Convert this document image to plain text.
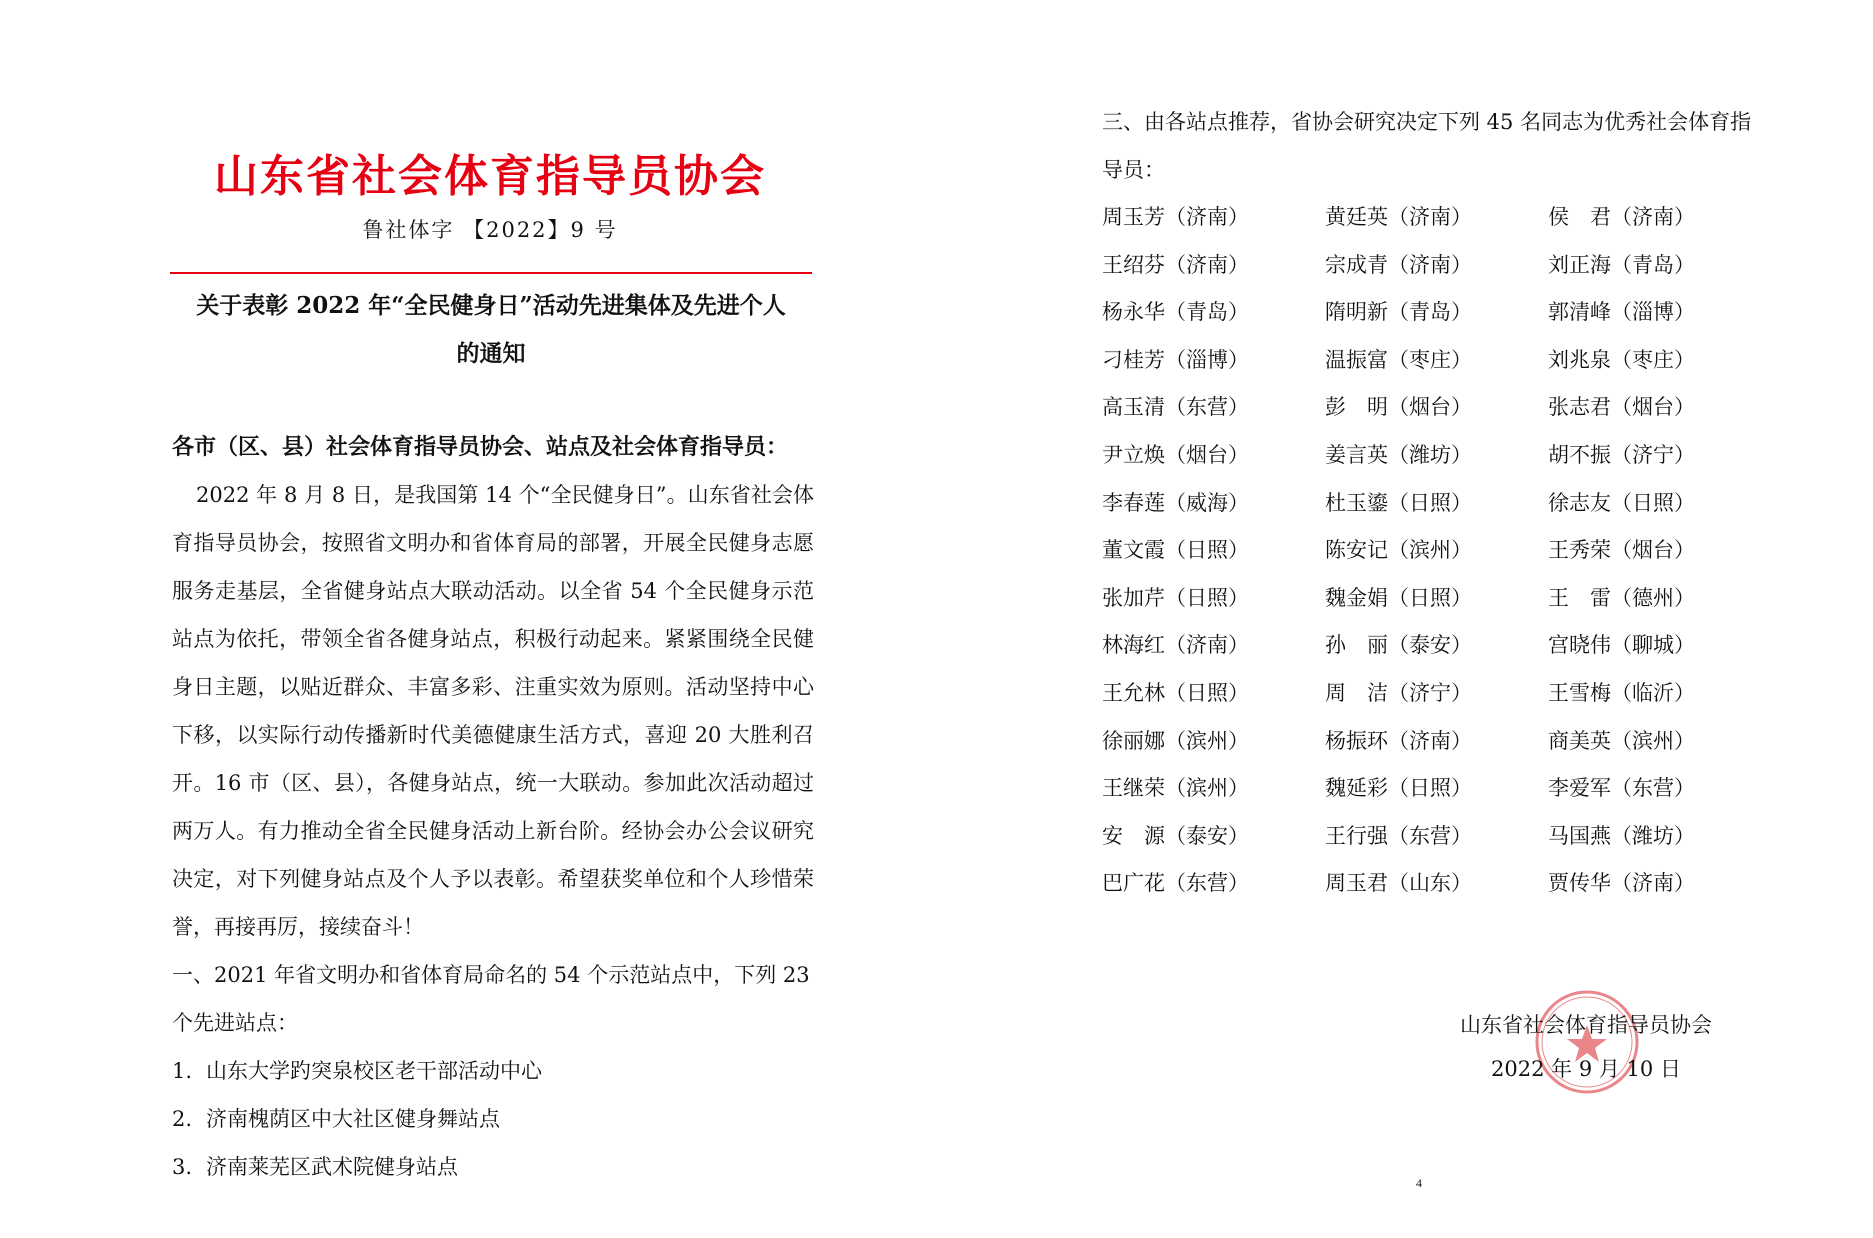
山东省社会体育指导员协会
鲁社体字 【2022】9 号
关于表彰 2022 年“全民健身日”活动先进集体及先进个人
的通知
各市（区、县）社会体育指导员协会、站点及社会体育指导员：

2022 年 8 月 8 日，是我国第 14 个“全民健身日”。山东省社会体育指导员协会，按照省文明办和省体育局的部署，开展全民健身志愿服务走基层，全省健身站点大联动活动。以全省 54 个全民健身示范站点为依托，带领全省各健身站点，积极行动起来。紧紧围绕全民健身日主题，以贴近群众、丰富多彩、注重实效为原则。活动坚持中心下移，以实际行动传播新时代美德健康生活方式，喜迎 20 大胜利召开。16 市（区、县），各健身站点，统一大联动。参加此次活动超过两万人。有力推动全省全民健身活动上新台阶。经协会办公会议研究决定，对下列健身站点及个人予以表彰。希望获奖单位和个人珍惜荣誉，再接再厉，接续奋斗！

一、2021 年省文明办和省体育局命名的 54 个示范站点中，下列 23 个先进站点：

1. 山东大学趵突泉校区老干部活动中心
2. 济南槐荫区中大社区健身舞站点
3. 济南莱芜区武术院健身站点

三、由各站点推荐，省协会研究决定下列 45 名同志为优秀社会体育指导员：

周玉芳（济南）	黄廷英（济南）	侯　君（济南）
王绍芬（济南）	宗成青（济南）	刘正海（青岛）
杨永华（青岛）	隋明新（青岛）	郭清峰（淄博）
刁桂芳（淄博）	温振富（枣庄）	刘兆泉（枣庄）
高玉清（东营）	彭　明（烟台）	张志君（烟台）
尹立焕（烟台）	姜言英（潍坊）	胡不振（济宁）
李春莲（威海）	杜玉鎏（日照）	徐志友（日照）
董文霞（日照）	陈安记（滨州）	王秀荣（烟台）
张加芹（日照）	魏金娟（日照）	王　雷（德州）
林海红（济南）	孙　丽（泰安）	宫晓伟（聊城）
王允林（日照）	周　洁（济宁）	王雪梅（临沂）
徐丽娜（滨州）	杨振环（济南）	商美英（滨州）
王继荣（滨州）	魏延彩（日照）	李爱军（东营）
安　源（泰安）	王行强（东营）	马国燕（潍坊）
巴广花（东营）	周玉君（山东）	贾传华（济南）
山东省社会体育指导员协会
2022 年 9 月 10 日
4
